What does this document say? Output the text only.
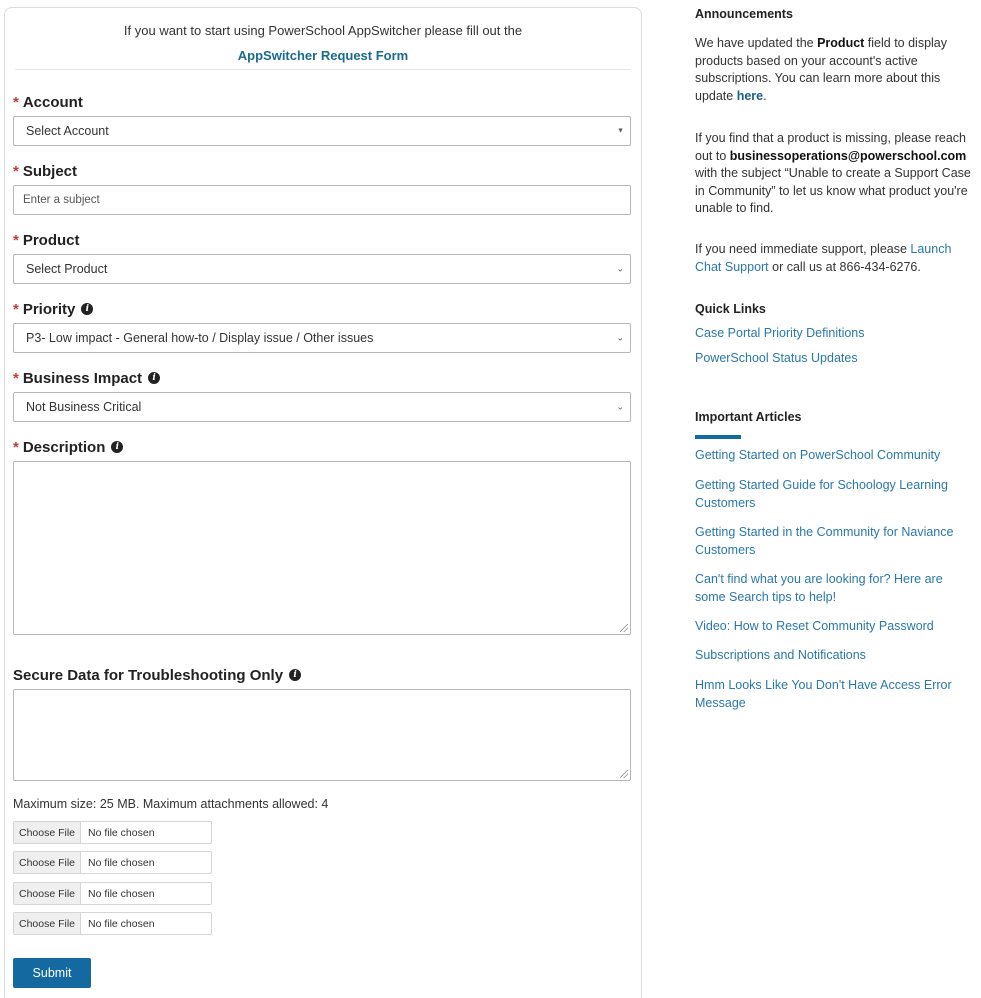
If you want to start using PowerSchool AppSwitcher please fill out the
AppSwitcher Request Form
* Account
Select Account	▼
* Subject
Enter a subject
* Product
Select Product	⌄
* Priority	i
P3- Low impact - General how-to / Display issue / Other issues	⌄
* Business Impact	i
Not Business Critical	⌄
* Description	i
Secure Data for Troubleshooting Only	i
Maximum size: 25 MB. Maximum attachments allowed: 4
Choose File	No file chosen
Choose File	No file chosen
Choose File	No file chosen
Choose File	No file chosen
Submit
Announcements
We have updated the Product field to display products based on your account's active subscriptions. You can learn more about this update here.
If you find that a product is missing, please reach out to businessoperations@powerschool.com with the subject “Unable to create a Support Case in Community” to let us know what product you're unable to find.
If you need immediate support, please Launch Chat Support or call us at 866-434-6276.
Quick Links
Case Portal Priority Definitions
PowerSchool Status Updates
Important Articles
Getting Started on PowerSchool Community
Getting Started Guide for Schoology Learning Customers
Getting Started in the Community for Naviance Customers
Can't find what you are looking for? Here are some Search tips to help!
Video: How to Reset Community Password
Subscriptions and Notifications
Hmm Looks Like You Don't Have Access Error Message
